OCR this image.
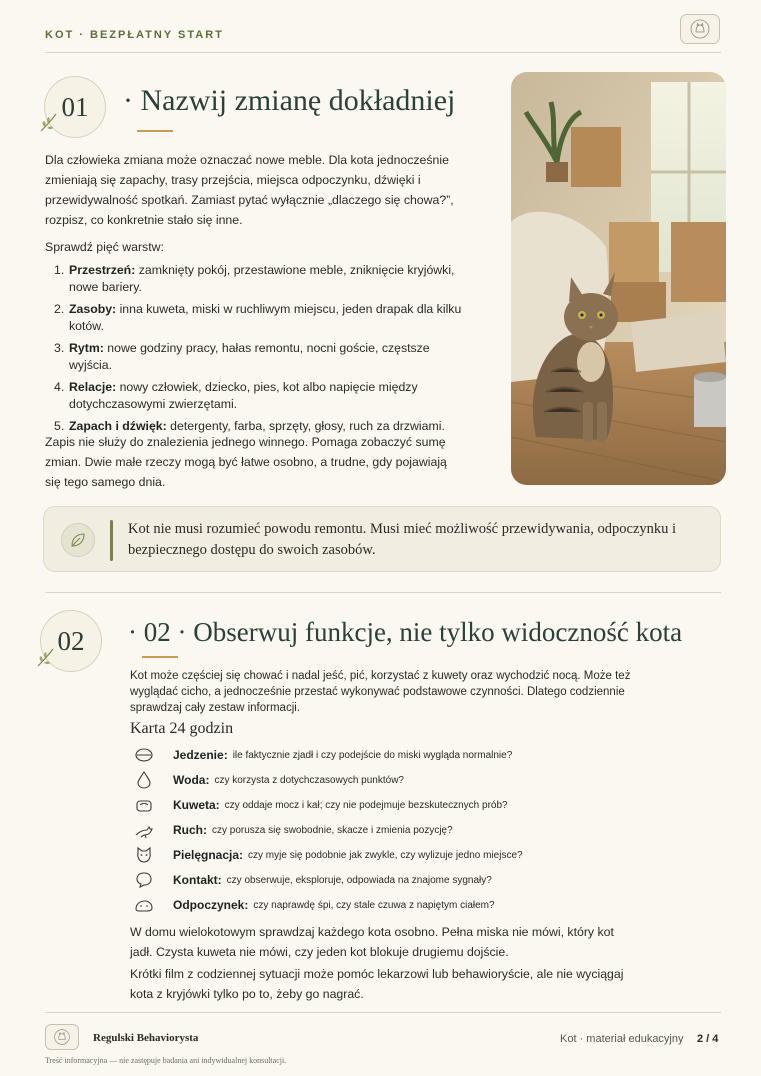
KOT · BEZPŁATNY START
01	· Nazwij zmianę dokładniej
Dla człowieka zmiana może oznaczać nowe meble. Dla kota jednocześnie zmieniają się zapachy, trasy przejścia, miejsca odpoczynku, dźwięki i przewidywalność spotkań. Zamiast pytać wyłącznie „dlaczego się chowa?”, rozpisz, co konkretnie stało się inne.
Sprawdź pięć warstw:
1. Przestrzeń: zamknięty pokój, przestawione meble, zniknięcie kryjówki, nowe bariery.
2. Zasoby: inna kuweta, miski w ruchliwym miejscu, jeden drapak dla kilku kotów.
3. Rytm: nowe godziny pracy, hałas remontu, nocni goście, częstsze wyjścia.
4. Relacje: nowy człowiek, dziecko, pies, kot albo napięcie między dotychczasowymi zwierzętami.
5. Zapach i dźwięk: detergenty, farba, sprzęty, głosy, ruch za drzwiami.
Zapis nie służy do znalezienia jednego winnego. Pomaga zobaczyć sumę zmian. Dwie małe rzeczy mogą być łatwe osobno, a trudne, gdy pojawiają się tego samego dnia.
Kot nie musi rozumieć powodu remontu. Musi mieć możliwość przewidywania, odpoczynku i bezpiecznego dostępu do swoich zasobów.
02	· 02 · Obserwuj funkcje, nie tylko widoczność kota
Kot może częściej się chować i nadal jeść, pić, korzystać z kuwety oraz wychodzić nocą. Może też wyglądać cicho, a jednocześnie przestać wykonywać podstawowe czynności. Dlatego codziennie sprawdzaj cały zestaw informacji.
Karta 24 godzin
Jedzenie: ile faktycznie zjadł i czy podejście do miski wygląda normalnie?
Woda: czy korzysta z dotychczasowych punktów?
Kuweta: czy oddaje mocz i kał; czy nie podejmuje bezskutecznych prób?
Ruch: czy porusza się swobodnie, skacze i zmienia pozycję?
Pielęgnacja: czy myje się podobnie jak zwykle, czy wylizuje jedno miejsce?
Kontakt: czy obserwuje, eksploruje, odpowiada na znajome sygnały?
Odpoczynek: czy naprawdę śpi, czy stale czuwa z napiętym ciałem?
W domu wielokotowym sprawdzaj każdego kota osobno. Pełna miska nie mówi, który kot jadł. Czysta kuweta nie mówi, czy jeden kot blokuje drugiemu dojście.
Krótki film z codziennej sytuacji może pomóc lekarzowi lub behawioryście, ale nie wyciągaj kota z kryjówki tylko po to, żeby go nagrać.
Regulski Behaviorysta	Kot · materiał edukacyjny 2 / 4
Treść informacyjna — nie zastępuje badania ani indywidualnej konsultacji.
